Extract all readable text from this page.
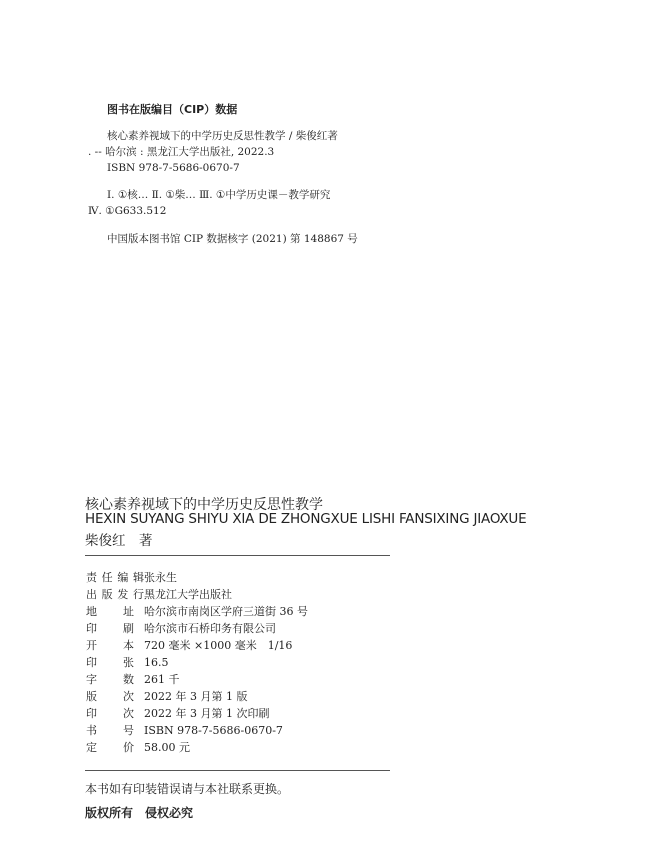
图书在版编目（CIP）数据
核心素养视域下的中学历史反思性教学 / 柴俊红著
. -- 哈尔滨 : 黑龙江大学出版社, 2022.3
ISBN 978-7-5686-0670-7
Ⅰ. ①核… Ⅱ. ①柴… Ⅲ. ①中学历史课－教学研究
Ⅳ. ①G633.512
中国版本图书馆 CIP 数据核字 (2021) 第 148867 号
核心素养视域下的中学历史反思性教学
HEXIN SUYANG SHIYU XIA DE ZHONGXUE LISHI FANSIXING JIAOXUE
柴俊红　著
责 任 编 辑 张永生
出 版 发 行 黑龙江大学出版社
地 址 哈尔滨市南岗区学府三道街 36 号
印 刷 哈尔滨市石桥印务有限公司
开 本 720 毫米 ×1000 毫米　1/16
印 张 16.5
字 数 261 千
版 次 2022 年 3 月第 1 版
印 次 2022 年 3 月第 1 次印刷
书 号 ISBN 978-7-5686-0670-7
定 价 58.00 元
本书如有印装错误请与本社联系更换。
版权所有　侵权必究
